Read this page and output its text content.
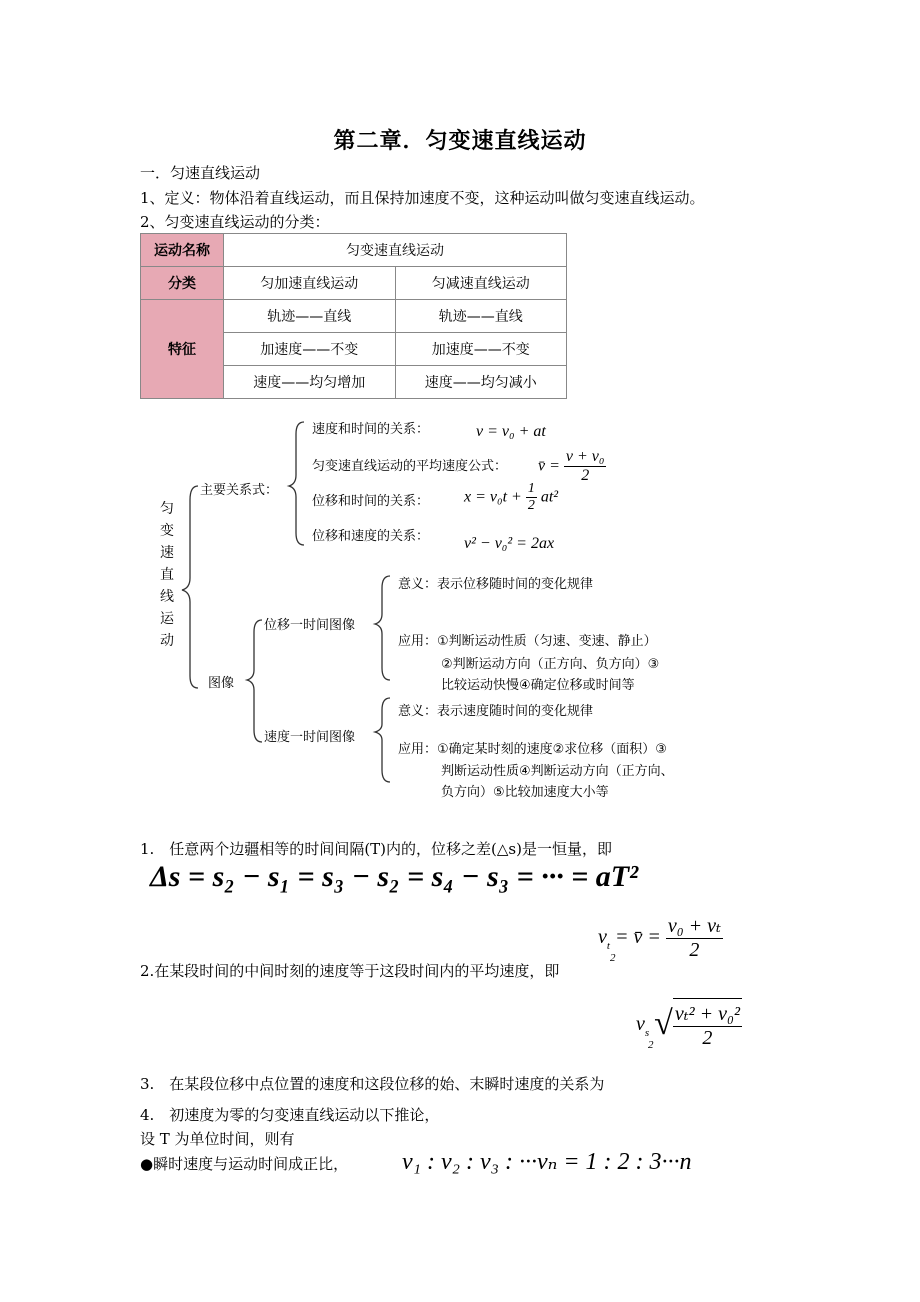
第二章．匀变速直线运动
一．匀速直线运动
1、定义：物体沿着直线运动，而且保持加速度不变，这种运动叫做匀变速直线运动。
2、匀变速直线运动的分类：
运动名称	匀变速直线运动	
分类	匀加速直线运动	匀减速直线运动
特征	轨迹——直线	轨迹——直线
	加速度——不变	加速度——不变
	速度——均匀增加	速度——均匀减小
匀
变
速
直
线
运
动
主要关系式：
速度和时间的关系：	v = v₀ + at
匀变速直线运动的平均速度公式： v̄ = $\frac{\text{v + v₀}}{2}$
位移和时间的关系： $x = v_0t + \frac{1}{2} at^2$
位移和速度的关系： v² − v₀² = 2ax
图像
位移一时间图像
意义：表示位移随时间的变化规律
应用：①判断运动性质（匀速、变速、静止）
②判断运动方向（正方向、负方向）③
比较运动快慢④确定位移或时间等
速度一时间图像
意义：表示速度随时间的变化规律
应用：①确定某时刻的速度②求位移（面积）③
判断运动性质④判断运动方向（正方向、
负方向）⑤比较加速度大小等
1.　任意两个边疆相等的时间间隔(T)内的，位移之差(△s)是一恒量，即
Δs = s₂ − s₁ = s₃ − s₂ = s₄ − s₃ = ··· = aT²
$v_t$
2
= v̄ = $\frac{\text{v₀ + vₜ}}{2}$
2.在某段时间的中间时刻的速度等于这段时间内的平均速度，即
$v_s$
2
√ $\frac{\text{vₜ² + v₀²}}{2}$
3.　在某段位移中点位置的速度和这段位移的始、末瞬时速度的关系为
4.　初速度为零的匀变速直线运动以下推论，
设 T 为单位时间，则有
●瞬时速度与运动时间成正比， v₁ : v₂ : v₃ : ···vₙ = 1 : 2 : 3···n
